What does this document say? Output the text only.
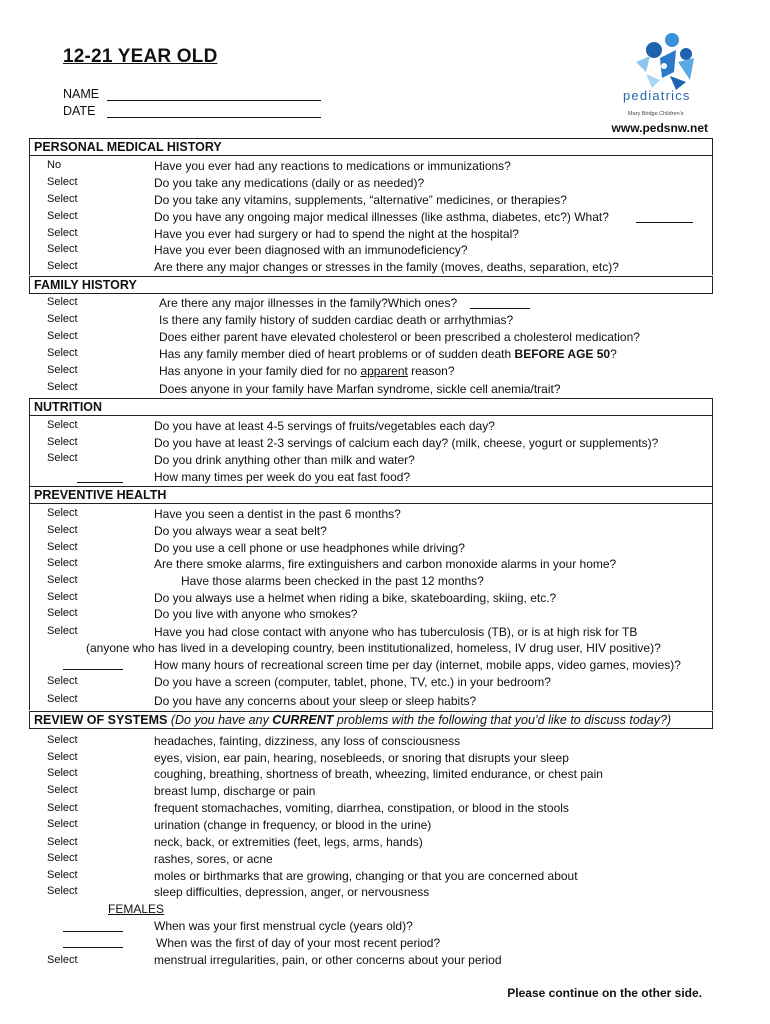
12-21 YEAR OLD
NAME
DATE
pediatrics
Mary Bridge Children's
www.pedsnw.net
PERSONAL MEDICAL HISTORY
No	Have you ever had any reactions to medications or immunizations?
Select	Do you take any medications (daily or as needed)?
Select	Do you take any vitamins, supplements, “alternative” medicines, or therapies?
Select	Do you have any ongoing major medical illnesses (like asthma, diabetes, etc?) What?
Select	Have you ever had surgery or had to spend the night at the hospital?
Select	Have you ever been diagnosed with an immunodeficiency?
Select	Are there any major changes or stresses in the family (moves, deaths, separation, etc)?
FAMILY HISTORY
Select	Are there any major illnesses in the family?Which ones?
Select	Is there any family history of sudden cardiac death or arrhythmias?
Select	Does either parent have elevated cholesterol or been prescribed a cholesterol medication?
Select	Has any family member died of heart problems or of sudden death BEFORE AGE 50?
Select	Has anyone in your family died for no apparent reason?
Select	Does anyone in your family have Marfan syndrome, sickle cell anemia/trait?
NUTRITION
Select	Do you have at least 4-5 servings of fruits/vegetables each day?
Select	Do you have at least 2-3 servings of calcium each day? (milk, cheese, yogurt or supplements)?
Select	Do you drink anything other than milk and water?
How many times per week do you eat fast food?
PREVENTIVE HEALTH
Select	Have you seen a dentist in the past 6 months?
Select	Do you always wear a seat belt?
Select	Do you use a cell phone or use headphones while driving?
Select	Are there smoke alarms, fire extinguishers and carbon monoxide alarms in your home?
Select	Have those alarms been checked in the past 12 months?
Select	Do you always use a helmet when riding a bike, skateboarding, skiing, etc.?
Select	Do you live with anyone who smokes?
Select	Have you had close contact with anyone who has tuberculosis (TB), or is at high risk for TB
(anyone who has lived in a developing country, been institutionalized, homeless, IV drug user, HIV positive)?
How many hours of recreational screen time per day (internet, mobile apps, video games, movies)?
Select	Do you have a screen (computer, tablet, phone, TV, etc.) in your bedroom?
Select	Do you have any concerns about your sleep or sleep habits?
REVIEW OF SYSTEMS (Do you have any CURRENT problems with the following that you’d like to discuss today?)
Select	headaches, fainting, dizziness, any loss of consciousness
Select	eyes, vision, ear pain, hearing, nosebleeds, or snoring that disrupts your sleep
Select	coughing, breathing, shortness of breath, wheezing, limited endurance, or chest pain
Select	breast lump, discharge or pain
Select	frequent stomachaches, vomiting, diarrhea, constipation, or blood in the stools
Select	urination (change in frequency, or blood in the urine)
Select	neck, back, or extremities (feet, legs, arms, hands)
Select	rashes, sores, or acne
Select	moles or birthmarks that are growing, changing or that you are concerned about
Select	sleep difficulties, depression, anger, or nervousness
FEMALES
When was your first menstrual cycle (years old)?
When was the first of day of your most recent period?
Select	menstrual irregularities, pain, or other concerns about your period
Please continue on the other side.
